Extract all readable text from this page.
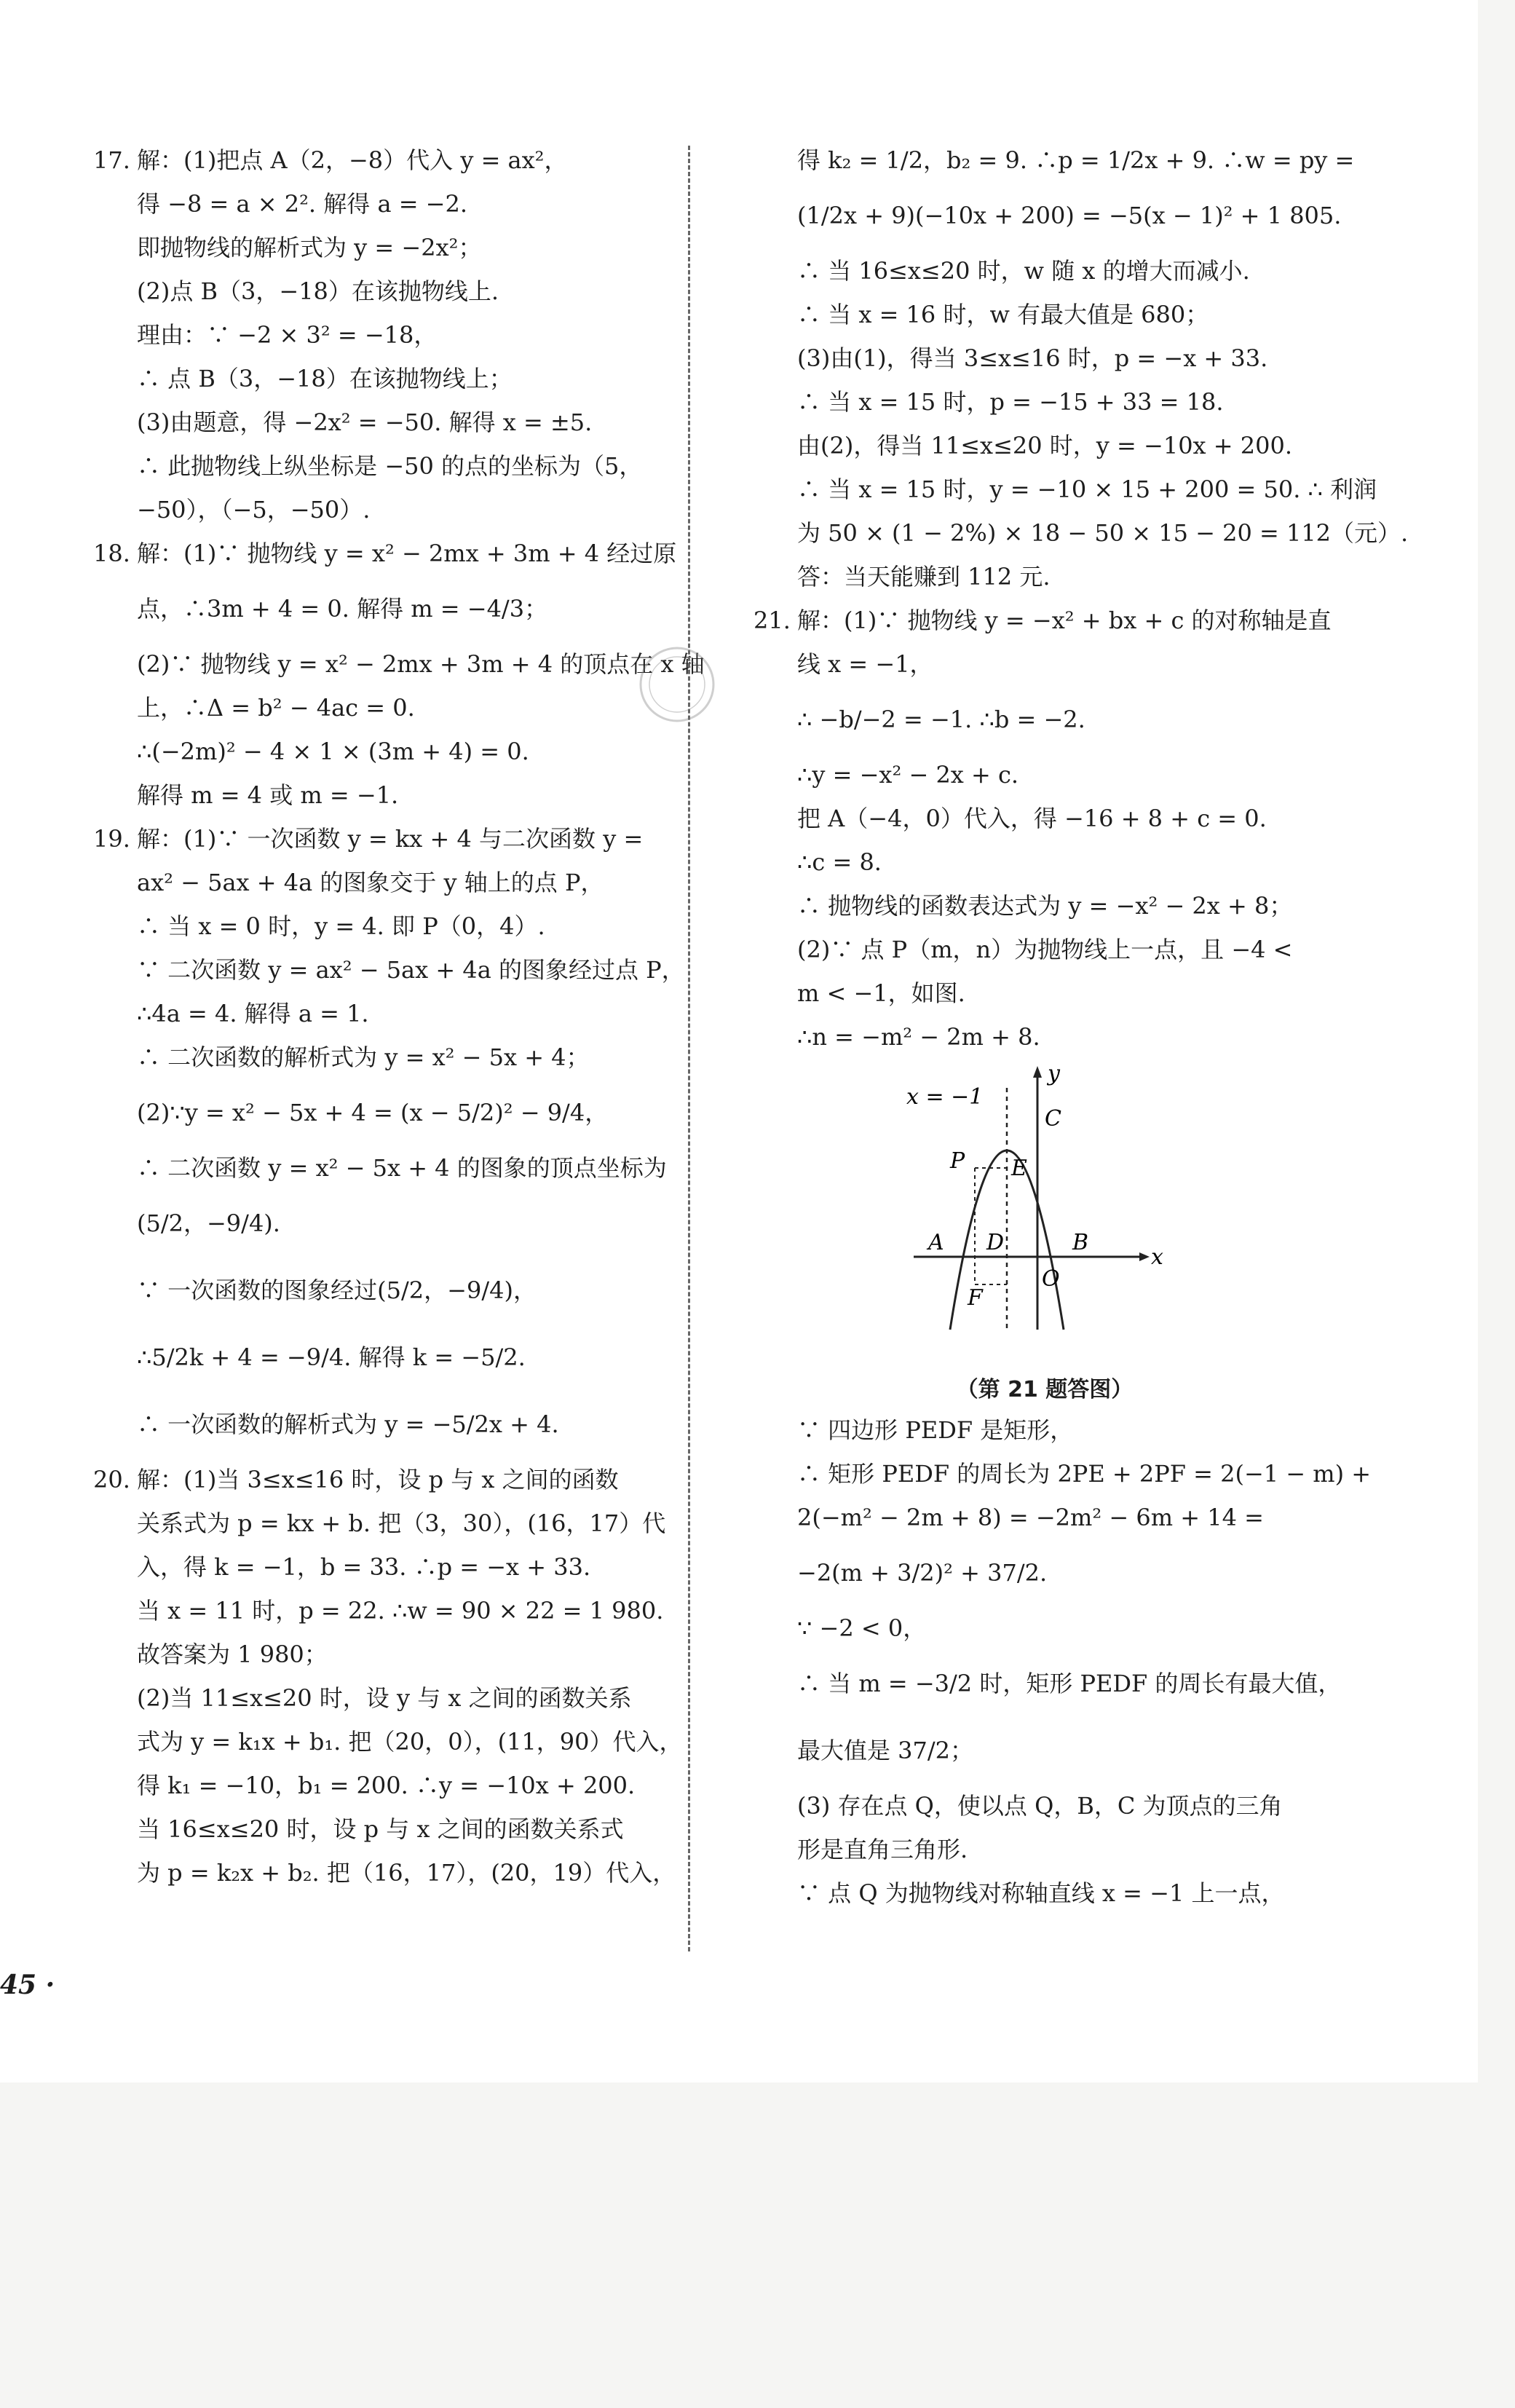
17. 解：(1)把点 A（2，−8）代入 y = ax²，
得 −8 = a × 2². 解得 a = −2.
即抛物线的解析式为 y = −2x²；
(2)点 B（3，−18）在该抛物线上.
理由：∵ −2 × 3² = −18，
∴ 点 B（3，−18）在该抛物线上；
(3)由题意，得 −2x² = −50. 解得 x = ±5.
∴ 此抛物线上纵坐标是 −50 的点的坐标为（5，
−50），（−5，−50）.
18. 解：(1)∵ 抛物线 y = x² − 2mx + 3m + 4 经过原
点，∴3m + 4 = 0. 解得 m = −4/3；
(2)∵ 抛物线 y = x² − 2mx + 3m + 4 的顶点在 x 轴
上，∴Δ = b² − 4ac = 0.
∴(−2m)² − 4 × 1 × (3m + 4) = 0.
解得 m = 4 或 m = −1.
19. 解：(1)∵ 一次函数 y = kx + 4 与二次函数 y =
ax² − 5ax + 4a 的图象交于 y 轴上的点 P，
∴ 当 x = 0 时，y = 4. 即 P（0，4）.
∵ 二次函数 y = ax² − 5ax + 4a 的图象经过点 P，
∴4a = 4. 解得 a = 1.
∴ 二次函数的解析式为 y = x² − 5x + 4；
(2)∵y = x² − 5x + 4 = (x − 5/2)² − 9/4，
∴ 二次函数 y = x² − 5x + 4 的图象的顶点坐标为
(5/2，−9/4).
∵ 一次函数的图象经过(5/2，−9/4)，
∴5/2k + 4 = −9/4. 解得 k = −5/2.
∴ 一次函数的解析式为 y = −5/2x + 4.
20. 解：(1)当 3≤x≤16 时，设 p 与 x 之间的函数
关系式为 p = kx + b. 把（3，30），(16，17）代
入，得 k = −1，b = 33. ∴p = −x + 33.
当 x = 11 时，p = 22. ∴w = 90 × 22 = 1 980.
故答案为 1 980；
(2)当 11≤x≤20 时，设 y 与 x 之间的函数关系
式为 y = k₁x + b₁. 把（20，0），(11，90）代入，
得 k₁ = −10，b₁ = 200. ∴y = −10x + 200.
当 16≤x≤20 时，设 p 与 x 之间的函数关系式
为 p = k₂x + b₂. 把（16，17），(20，19）代入，
得 k₂ = 1/2，b₂ = 9. ∴p = 1/2x + 9. ∴w = py =
(1/2x + 9)(−10x + 200) = −5(x − 1)² + 1 805.
∴ 当 16≤x≤20 时，w 随 x 的增大而减小.
∴ 当 x = 16 时，w 有最大值是 680；
(3)由(1)，得当 3≤x≤16 时，p = −x + 33.
∴ 当 x = 15 时，p = −15 + 33 = 18.
由(2)，得当 11≤x≤20 时，y = −10x + 200.
∴ 当 x = 15 时，y = −10 × 15 + 200 = 50. ∴ 利润
为 50 × (1 − 2%) × 18 − 50 × 15 − 20 = 112（元）.
答：当天能赚到 112 元.
21. 解：(1)∵ 抛物线 y = −x² + bx + c 的对称轴是直
线 x = −1，
∴ −b/−2 = −1. ∴b = −2.
∴y = −x² − 2x + c.
把 A（−4，0）代入，得 −16 + 8 + c = 0.
∴c = 8.
∴ 抛物线的函数表达式为 y = −x² − 2x + 8；
(2)∵ 点 P（m，n）为抛物线上一点，且 −4 <
m < −1，如图.
∴n = −m² − 2m + 8.
x = −1
y
x
A	B
C
D
E
F
O
P
（第 21 题答图）
∵ 四边形 PEDF 是矩形，
∴ 矩形 PEDF 的周长为 2PE + 2PF = 2(−1 − m) +
2(−m² − 2m + 8) = −2m² − 6m + 14 =
−2(m + 3/2)² + 37/2.
∵ −2 < 0，
∴ 当 m = −3/2 时，矩形 PEDF 的周长有最大值，
最大值是 37/2；
(3) 存在点 Q，使以点 Q，B，C 为顶点的三角
形是直角三角形.
∵ 点 Q 为抛物线对称轴直线 x = −1 上一点，
45 ·
